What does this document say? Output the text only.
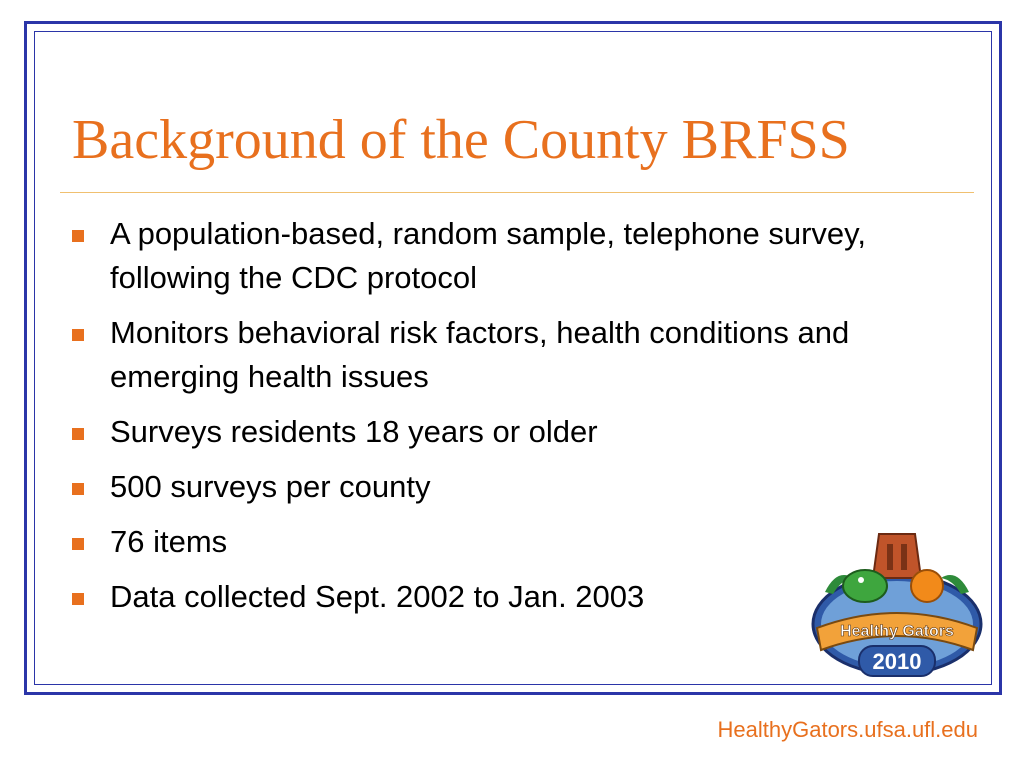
Background of the County BRFSS
A population-based, random sample, telephone survey, following the CDC protocol
Monitors behavioral risk factors, health conditions and emerging health issues
Surveys residents 18 years or older
500 surveys per county
76 items
Data collected Sept. 2002 to Jan. 2003
Healthy Gators
2010
HealthyGators.ufsa.ufl.edu
